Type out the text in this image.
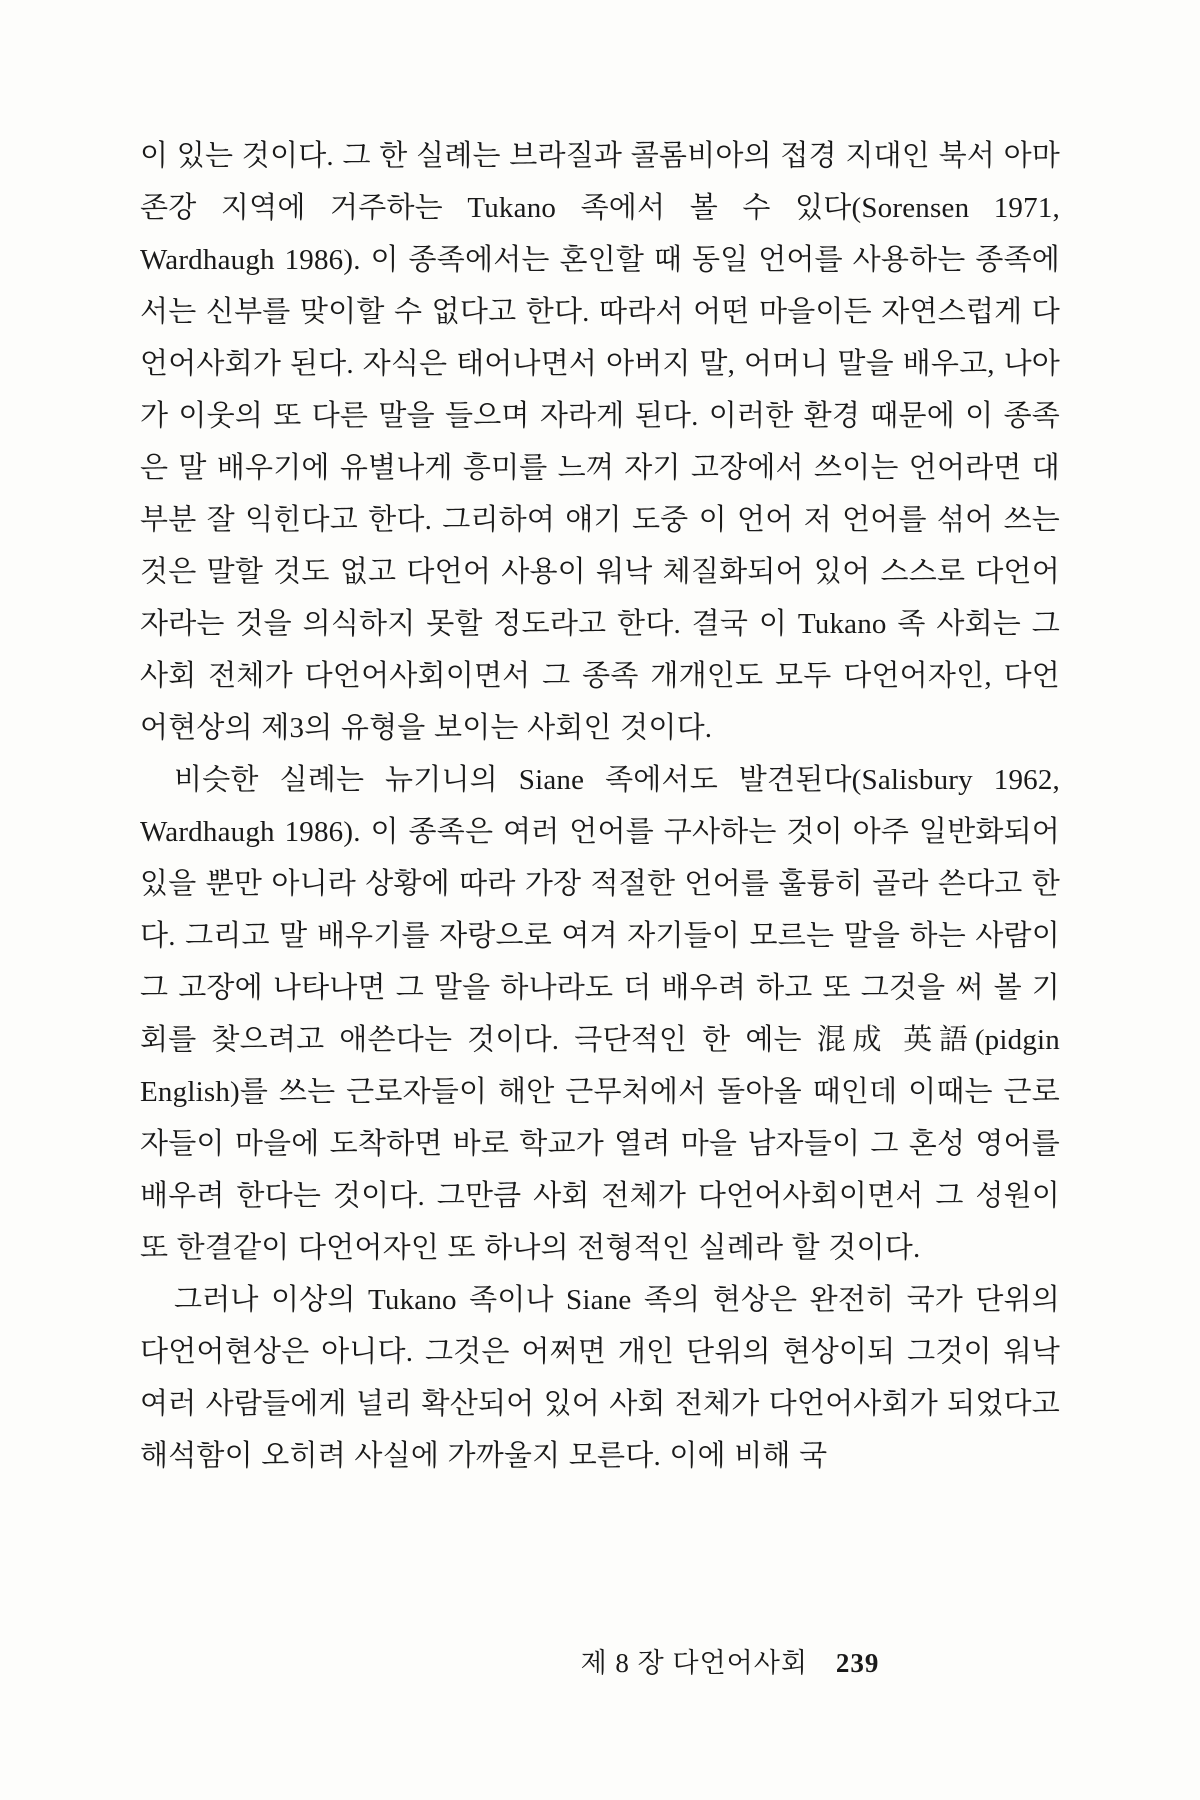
이 있는 것이다. 그 한 실례는 브라질과 콜롬비아의 접경 지대인 북서 아마존강 지역에 거주하는 Tukano 족에서 볼 수 있다(Sorensen 1971, Wardhaugh 1986). 이 종족에서는 혼인할 때 동일 언어를 사용하는 종족에서는 신부를 맞이할 수 없다고 한다. 따라서 어떤 마을이든 자연스럽게 다언어사회가 된다. 자식은 태어나면서 아버지 말, 어머니 말을 배우고, 나아가 이웃의 또 다른 말을 들으며 자라게 된다. 이러한 환경 때문에 이 종족은 말 배우기에 유별나게 흥미를 느껴 자기 고장에서 쓰이는 언어라면 대부분 잘 익힌다고 한다. 그리하여 얘기 도중 이 언어 저 언어를 섞어 쓰는 것은 말할 것도 없고 다언어 사용이 워낙 체질화되어 있어 스스로 다언어자라는 것을 의식하지 못할 정도라고 한다. 결국 이 Tukano 족 사회는 그 사회 전체가 다언어사회이면서 그 종족 개개인도 모두 다언어자인, 다언어현상의 제3의 유형을 보이는 사회인 것이다.

비슷한 실례는 뉴기니의 Siane 족에서도 발견된다(Salisbury 1962, Wardhaugh 1986). 이 종족은 여러 언어를 구사하는 것이 아주 일반화되어 있을 뿐만 아니라 상황에 따라 가장 적절한 언어를 훌륭히 골라 쓴다고 한다. 그리고 말 배우기를 자랑으로 여겨 자기들이 모르는 말을 하는 사람이 그 고장에 나타나면 그 말을 하나라도 더 배우려 하고 또 그것을 써 볼 기회를 찾으려고 애쓴다는 것이다. 극단적인 한 예는 混成 英語(pidgin English)를 쓰는 근로자들이 해안 근무처에서 돌아올 때인데 이때는 근로자들이 마을에 도착하면 바로 학교가 열려 마을 남자들이 그 혼성 영어를 배우려 한다는 것이다. 그만큼 사회 전체가 다언어사회이면서 그 성원이 또 한결같이 다언어자인 또 하나의 전형적인 실례라 할 것이다.

그러나 이상의 Tukano 족이나 Siane 족의 현상은 완전히 국가 단위의 다언어현상은 아니다. 그것은 어쩌면 개인 단위의 현상이되 그것이 워낙 여러 사람들에게 널리 확산되어 있어 사회 전체가 다언어사회가 되었다고 해석함이 오히려 사실에 가까울지 모른다. 이에 비해 국

제 8 장 다언어사회 239
